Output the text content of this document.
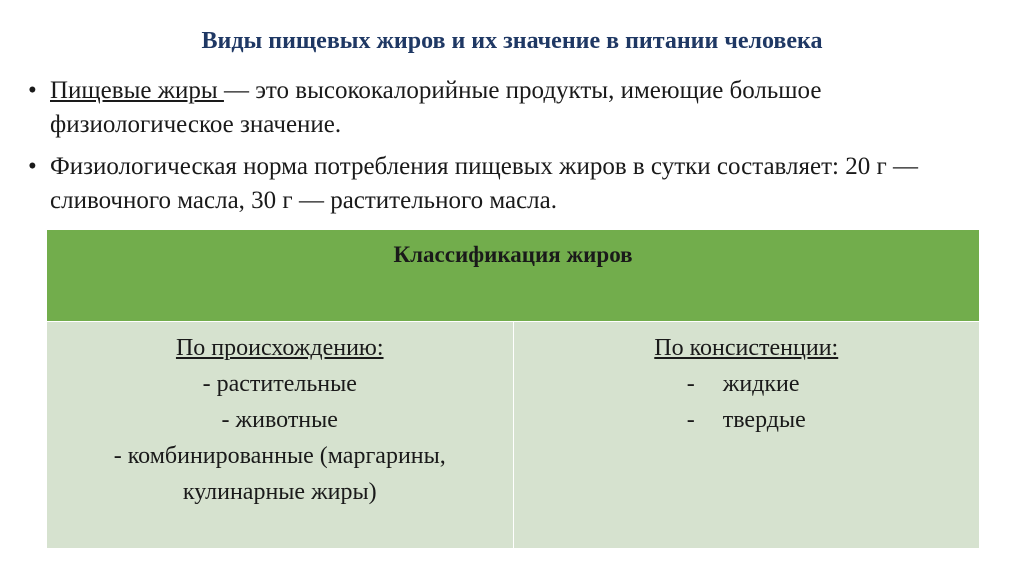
Виды пищевых жиров и их значение в питании человека
• Пищевые жиры — это высококалорийные продукты, имеющие большое физиологическое значение.
• Физиологическая норма потребления пищевых жиров в сутки составляет: 20 г — сливочного масла, 30 г — растительного масла.
Классификация жиров

По происхождению:
- растительные
- животные
- комбинированные (маргарины,
кулинарные жиры)

По консистенции:
- жидкие
- твердые
